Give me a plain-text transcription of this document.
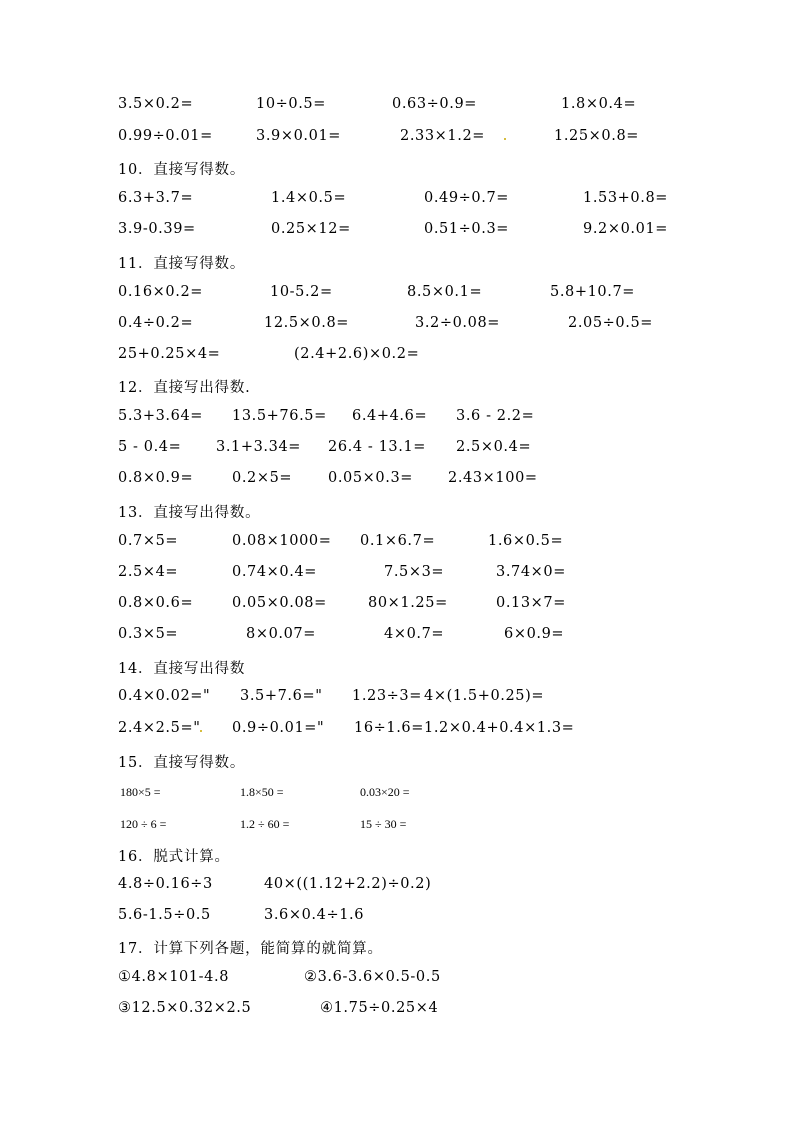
3.5×0.2=	10÷0.5=	0.63÷0.9=	1.8×0.4=
0.99÷0.01=	3.9×0.01=	2.33×1.2=	1.25×0.8=
10．直接写得数。
6.3+3.7=	1.4×0.5=	0.49÷0.7=	1.53+0.8=
3.9-0.39=	0.25×12=	0.51÷0.3=	9.2×0.01=
11．直接写得数。
0.16×0.2=	10-5.2=	8.5×0.1=	5.8+10.7=
0.4÷0.2=	12.5×0.8=	3.2÷0.08=	2.05÷0.5=
25+0.25×4=	(2.4+2.6)×0.2=
12．直接写出得数.
5.3+3.64= 13.5+76.5= 6.4+4.6= 3.6 - 2.2=
5 - 0.4= 3.1+3.34= 26.4 - 13.1= 2.5×0.4=
0.8×0.9=	0.2×5= 0.05×0.3= 2.43×100=
13．直接写出得数。
0.7×5=	0.08×1000= 0.1×6.7=	1.6×0.5=
2.5×4=	0.74×0.4=	7.5×3=	3.74×0=
0.8×0.6=	0.05×0.08=	80×1.25=	0.13×7=
0.3×5=	8×0.07=	4×0.7=	6×0.9=
14．直接写出得数
0.4×0.02=" 3.5+7.6=" 1.23÷3= 4×(1.5+0.25)=
2.4×2.5=" 0.9÷0.01=" 16÷1.6= 1.2×0.4+0.4×1.3=
15．直接写得数。
180×5 =	1.8×50 =	0.03×20 =
120 ÷ 6 =	1.2 ÷ 60 =	15 ÷ 30 =
16．脱式计算。
4.8÷0.16÷3	40×((1.12+2.2)÷0.2)
5.6-1.5÷0.5	3.6×0.4÷1.6
17．计算下列各题，能简算的就简算。
①4.8×101-4.8	②3.6-3.6×0.5-0.5
③12.5×0.32×2.5	④1.75÷0.25×4
